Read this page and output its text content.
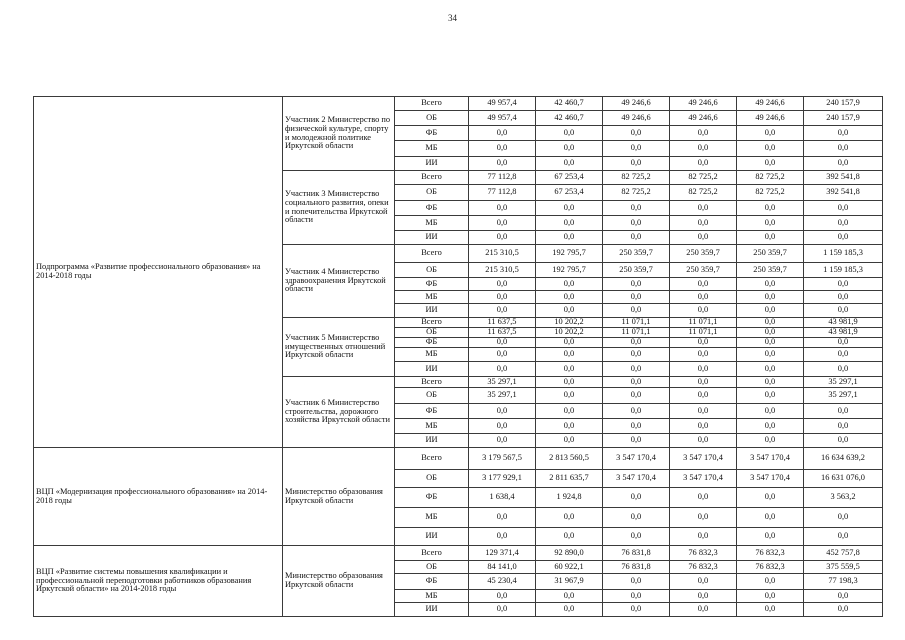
34
Подпрограмма «Развитие профессионального образования» на 2014-2018 годы	Участник 2 Министерство по физической культуре, спорту и молодежной политике Иркутской области	Всего	49 957,4	42 460,7	49 246,6	49 246,6	49 246,6	240 157,9
		ОБ	49 957,4	42 460,7	49 246,6	49 246,6	49 246,6	240 157,9
		ФБ	0,0	0,0	0,0	0,0	0,0	0,0
		МБ	0,0	0,0	0,0	0,0	0,0	0,0
		ИИ	0,0	0,0	0,0	0,0	0,0	0,0

	Участник 3 Министерство социального развития, опеки и попечительства Иркутской области	Всего	77 112,8	67 253,4	82 725,2	82 725,2	82 725,2	392 541,8
		ОБ	77 112,8	67 253,4	82 725,2	82 725,2	82 725,2	392 541,8
		ФБ	0,0	0,0	0,0	0,0	0,0	0,0
		МБ	0,0	0,0	0,0	0,0	0,0	0,0
		ИИ	0,0	0,0	0,0	0,0	0,0	0,0

	Участник 4 Министерство здравоохранения Иркутской области	Всего	215 310,5	192 795,7	250 359,7	250 359,7	250 359,7	1 159 185,3
		ОБ	215 310,5	192 795,7	250 359,7	250 359,7	250 359,7	1 159 185,3
		ФБ	0,0	0,0	0,0	0,0	0,0	0,0
		МБ	0,0	0,0	0,0	0,0	0,0	0,0
		ИИ	0,0	0,0	0,0	0,0	0,0	0,0

	Участник 5 Министерство имущественных отношений Иркутской области	Всего	11 637,5	10 202,2	11 071,1	11 071,1	0,0	43 981,9
		ОБ	11 637,5	10 202,2	11 071,1	11 071,1	0,0	43 981,9
		ФБ	0,0	0,0	0,0	0,0	0,0	0,0
		МБ	0,0	0,0	0,0	0,0	0,0	0,0
		ИИ	0,0	0,0	0,0	0,0	0,0	0,0

	Участник 6 Министерство строительства, дорожного хозяйства Иркутской области	Всего	35 297,1	0,0	0,0	0,0	0,0	35 297,1
		ОБ	35 297,1	0,0	0,0	0,0	0,0	35 297,1
		ФБ	0,0	0,0	0,0	0,0	0,0	0,0
		МБ	0,0	0,0	0,0	0,0	0,0	0,0
		ИИ	0,0	0,0	0,0	0,0	0,0	0,0

ВЦП «Модернизация профессионального образования» на 2014-2018 годы	Министерство образования Иркутской области	Всего	3 179 567,5	2 813 560,5	3 547 170,4	3 547 170,4	3 547 170,4	16 634 639,2
		ОБ	3 177 929,1	2 811 635,7	3 547 170,4	3 547 170,4	3 547 170,4	16 631 076,0
		ФБ	1 638,4	1 924,8	0,0	0,0	0,0	3 563,2
		МБ	0,0	0,0	0,0	0,0	0,0	0,0
		ИИ	0,0	0,0	0,0	0,0	0,0	0,0

ВЦП «Развитие системы повышения квалификации и профессиональной переподготовки работников образования Иркутской области» на 2014-2018 годы	Министерство образования Иркутской области	Всего	129 371,4	92 890,0	76 831,8	76 832,3	76 832,3	452 757,8
		ОБ	84 141,0	60 922,1	76 831,8	76 832,3	76 832,3	375 559,5
		ФБ	45 230,4	31 967,9	0,0	0,0	0,0	77 198,3
		МБ	0,0	0,0	0,0	0,0	0,0	0,0
		ИИ	0,0	0,0	0,0	0,0	0,0	0,0
